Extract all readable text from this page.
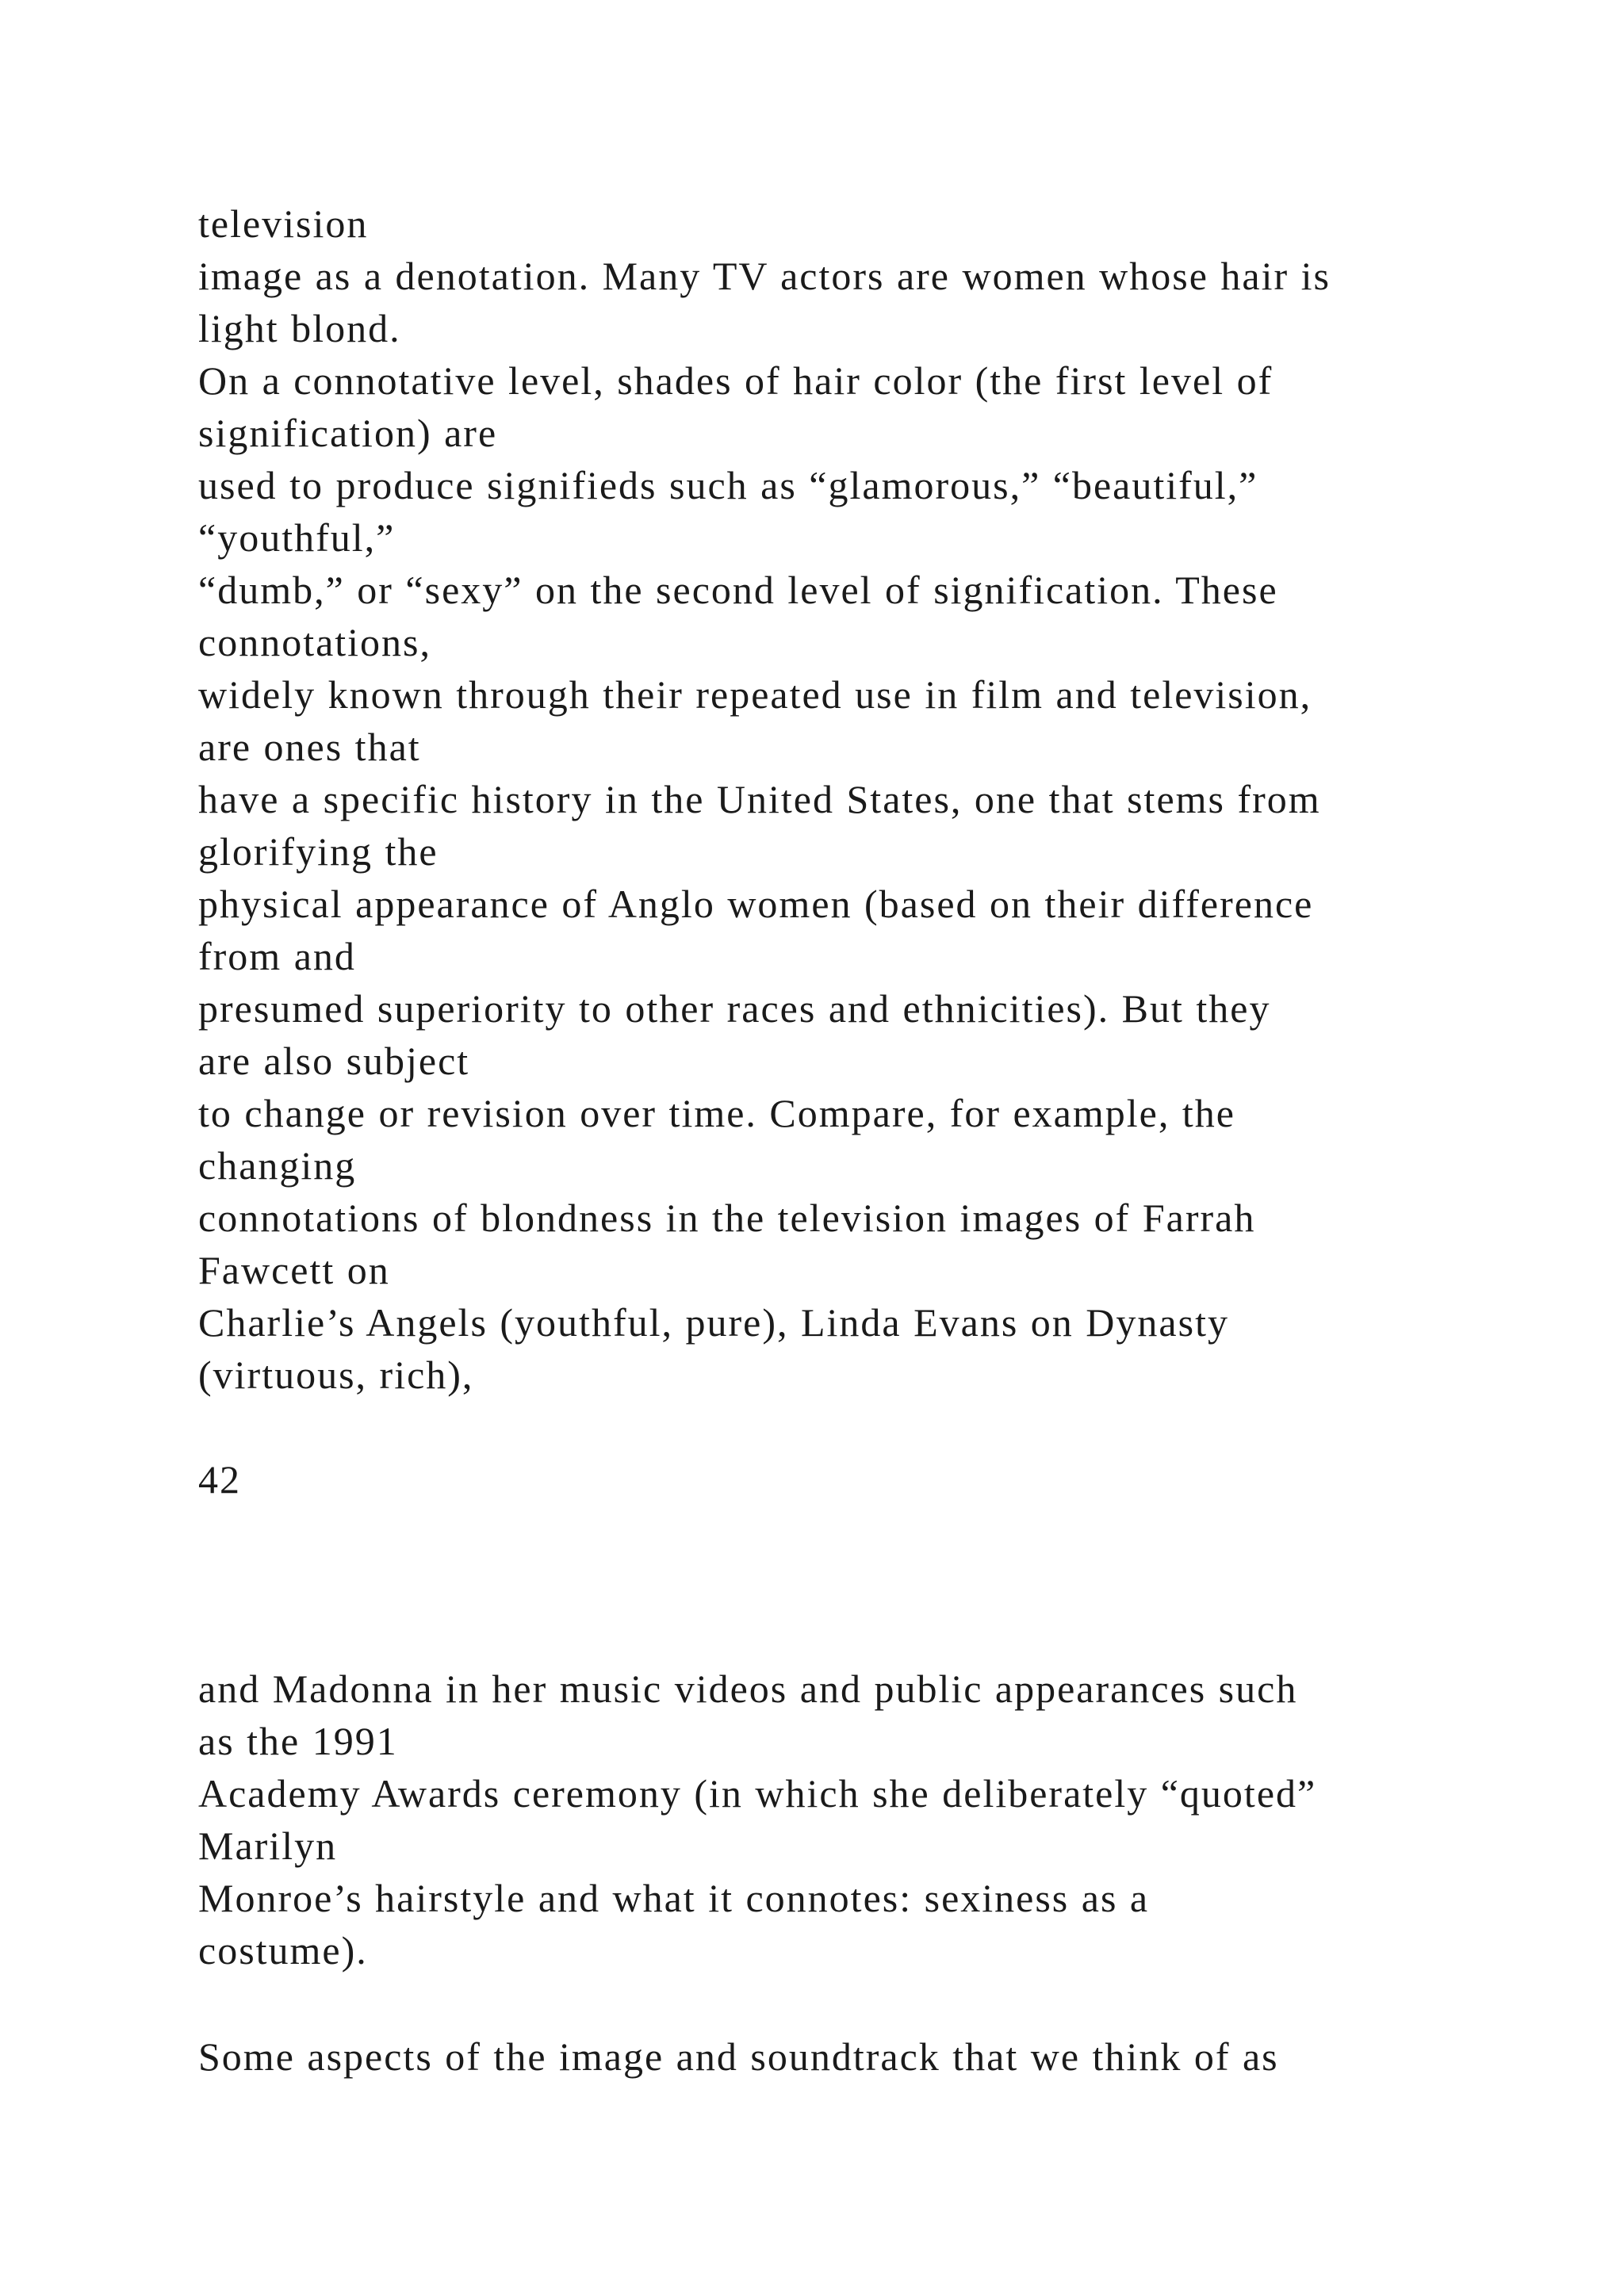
television
image as a denotation. Many TV actors are women whose hair is
light blond.
On a connotative level, shades of hair color (the first level of
signification) are
used to produce signifieds such as “glamorous,” “beautiful,”
“youthful,”
“dumb,” or “sexy” on the second level of signification. These
connotations,
widely known through their repeated use in film and television,
are ones that
have a specific history in the United States, one that stems from
glorifying the
physical appearance of Anglo women (based on their difference
from and
presumed superiority to other races and ethnicities). But they
are also subject
to change or revision over time. Compare, for example, the
changing
connotations of blondness in the television images of Farrah
Fawcett on
Charlie’s Angels (youthful, pure), Linda Evans on Dynasty
(virtuous, rich),

42

and Madonna in her music videos and public appearances such
as the 1991
Academy Awards ceremony (in which she deliberately “quoted”
Marilyn
Monroe’s hairstyle and what it connotes: sexiness as a
costume).

Some aspects of the image and soundtrack that we think of as
